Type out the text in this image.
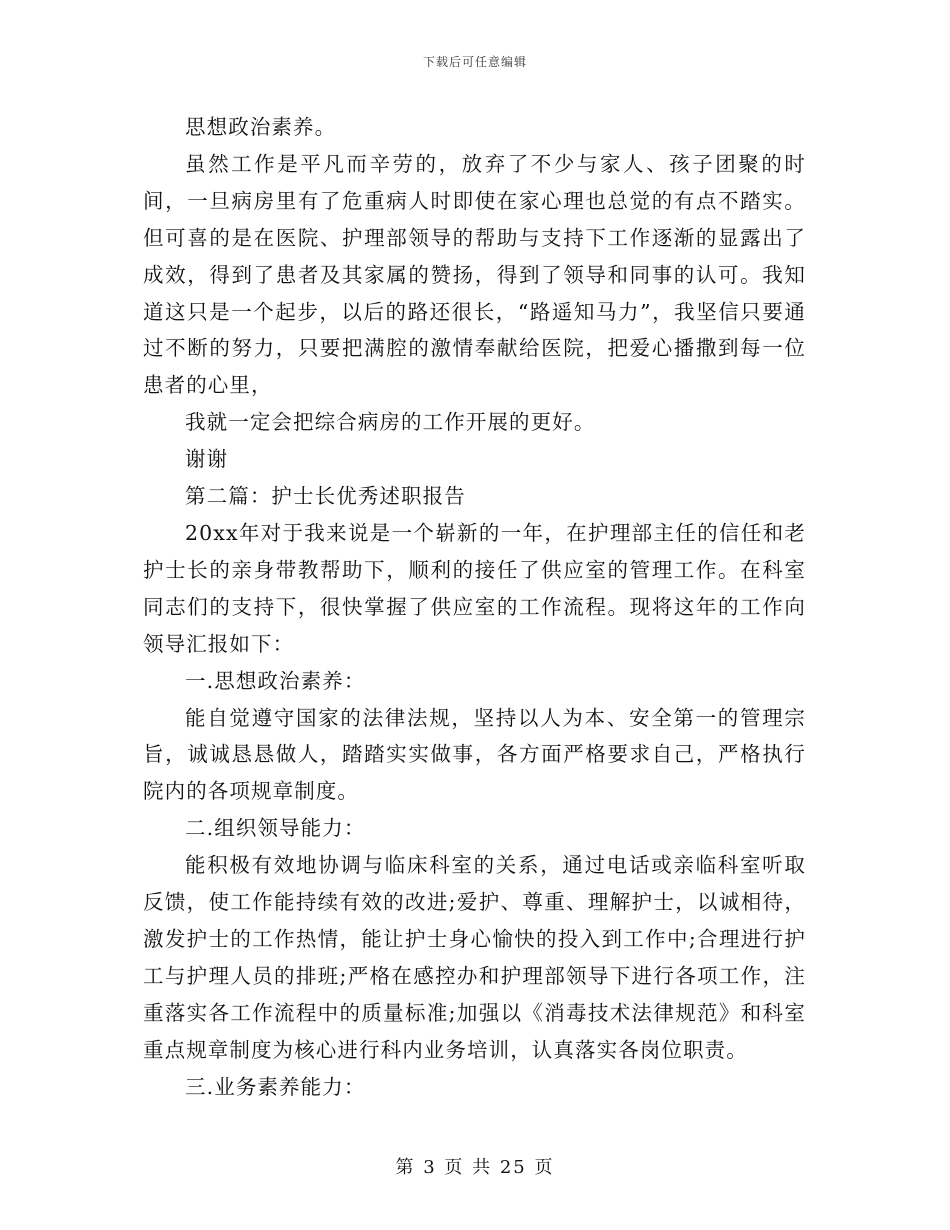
下载后可任意编辑

思想政治素养。

虽然工作是平凡而辛劳的，放弃了不少与家人、孩子团聚的时间，一旦病房里有了危重病人时即使在家心理也总觉的有点不踏实。但可喜的是在医院、护理部领导的帮助与支持下工作逐渐的显露出了成效，得到了患者及其家属的赞扬，得到了领导和同事的认可。我知道这只是一个起步，以后的路还很长，“路遥知马力”，我坚信只要通过不断的努力，只要把满腔的激情奉献给医院，把爱心播撒到每一位患者的心里，

我就一定会把综合病房的工作开展的更好。

谢谢

第二篇：护士长优秀述职报告

20xx年对于我来说是一个崭新的一年，在护理部主任的信任和老护士长的亲身带教帮助下，顺利的接任了供应室的管理工作。在科室同志们的支持下，很快掌握了供应室的工作流程。现将这年的工作向领导汇报如下：

一.思想政治素养：

能自觉遵守国家的法律法规，坚持以人为本、安全第一的管理宗旨，诚诚恳恳做人，踏踏实实做事，各方面严格要求自己，严格执行院内的各项规章制度。

二.组织领导能力：

能积极有效地协调与临床科室的关系，通过电话或亲临科室听取反馈，使工作能持续有效的改进;爱护、尊重、理解护士，以诚相待，激发护士的工作热情，能让护士身心愉快的投入到工作中;合理进行护工与护理人员的排班;严格在感控办和护理部领导下进行各项工作，注重落实各工作流程中的质量标准;加强以《消毒技术法律规范》和科室重点规章制度为核心进行科内业务培训，认真落实各岗位职责。

三.业务素养能力：

第 3 页 共 25 页
